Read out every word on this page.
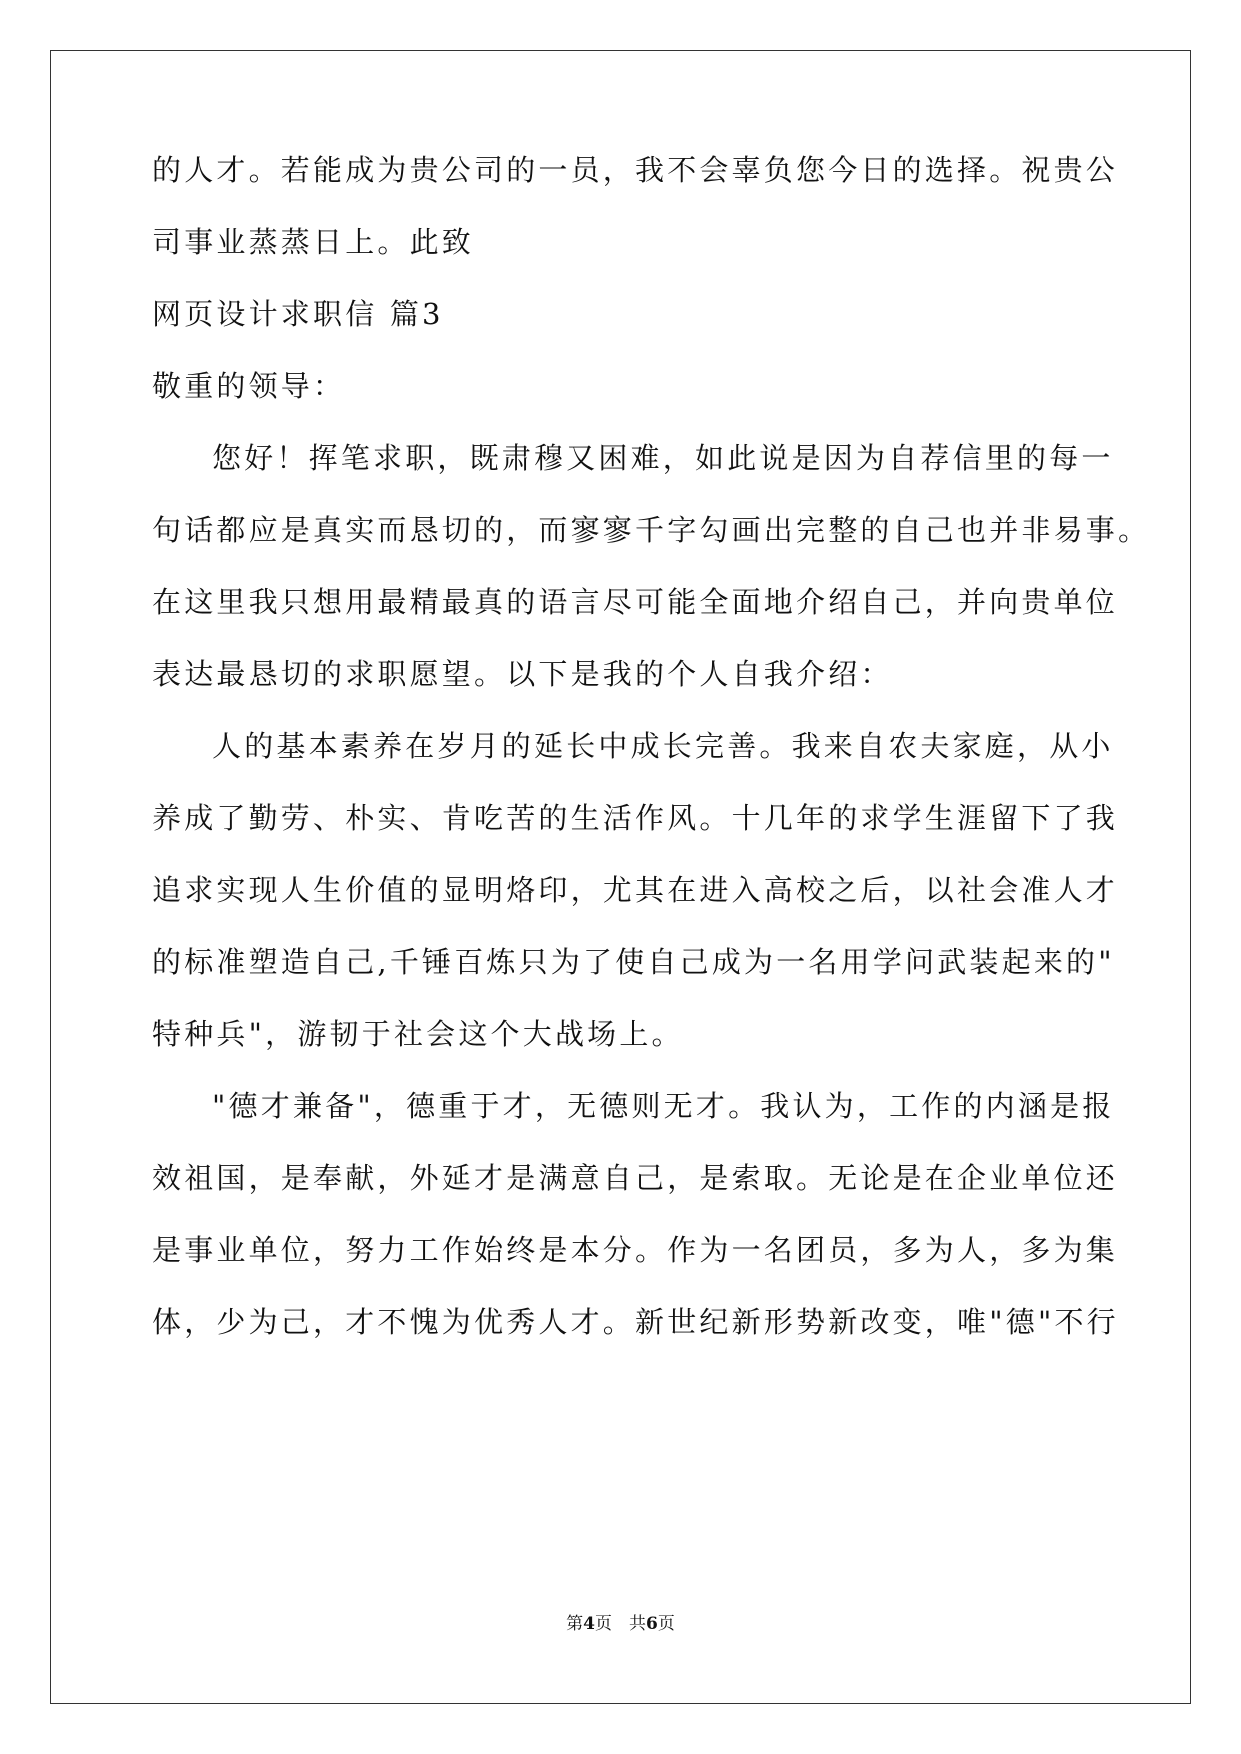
的人才。若能成为贵公司的一员，我不会辜负您今日的选择。祝贵公
司事业蒸蒸日上。此致
网页设计求职信 篇3
敬重的领导：
您好！挥笔求职，既肃穆又困难，如此说是因为自荐信里的每一
句话都应是真实而恳切的，而寥寥千字勾画出完整的自己也并非易事。
在这里我只想用最精最真的语言尽可能全面地介绍自己，并向贵单位
表达最恳切的求职愿望。以下是我的个人自我介绍：
人的基本素养在岁月的延长中成长完善。我来自农夫家庭，从小
养成了勤劳、朴实、肯吃苦的生活作风。十几年的求学生涯留下了我
追求实现人生价值的显明烙印，尤其在进入高校之后，以社会准人才
的标准塑造自己,千锤百炼只为了使自己成为一名用学问武装起来的"
特种兵"，游韧于社会这个大战场上。
"德才兼备"，德重于才，无德则无才。我认为，工作的内涵是报
效祖国，是奉献，外延才是满意自己，是索取。无论是在企业单位还
是事业单位，努力工作始终是本分。作为一名团员，多为人，多为集
体，少为己，才不愧为优秀人才。新世纪新形势新改变，唯"德"不行
第4页　共6页
